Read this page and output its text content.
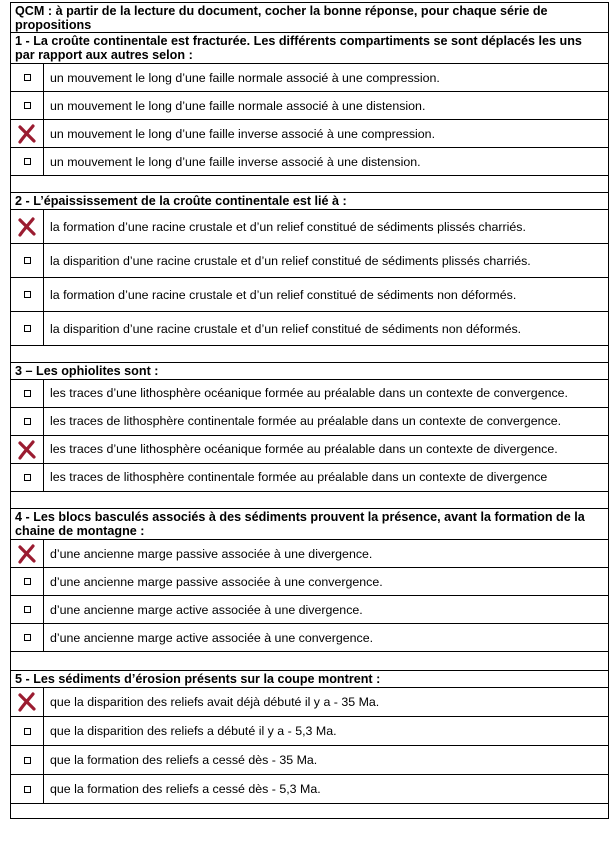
QCM : à partir de la lecture du document, cocher la bonne réponse, pour chaque série de propositions
1 - La croûte continentale est fracturée. Les différents compartiments se sont déplacés les uns par rapport aux autres selon :
un mouvement le long d’une faille normale associé à une compression.
un mouvement le long d’une faille normale associé à une distension.
un mouvement le long d’une faille inverse associé à une compression.
un mouvement le long d’une faille inverse associé à une distension.
2 - L’épaississement de la croûte continentale est lié à :
la formation d’une racine crustale et d’un relief constitué de sédiments plissés charriés.
la disparition d’une racine crustale et d’un relief constitué de sédiments plissés charriés.
la formation d’une racine crustale et d’un relief constitué de sédiments non déformés.
la disparition d’une racine crustale et d’un relief constitué de sédiments non déformés.
3 – Les ophiolites sont :
les traces d’une lithosphère océanique formée au préalable dans un contexte de convergence.
les traces de lithosphère continentale formée au préalable dans un contexte de convergence.
les traces d’une lithosphère océanique formée au préalable dans un contexte de divergence.
les traces de lithosphère continentale formée au préalable dans un contexte de divergence
4 - Les blocs basculés associés à des sédiments prouvent la présence, avant la formation de la chaine de montagne :
d’une ancienne marge passive associée à une divergence.
d’une ancienne marge passive associée à une convergence.
d’une ancienne marge active associée à une divergence.
d’une ancienne marge active associée à une convergence.
5 - Les sédiments d’érosion présents sur la coupe montrent :
que la disparition des reliefs avait déjà débuté il y a - 35 Ma.
que la disparition des reliefs a débuté il y a - 5,3 Ma.
que la formation des reliefs a cessé dès - 35 Ma.
que la formation des reliefs a cessé dès - 5,3 Ma.
